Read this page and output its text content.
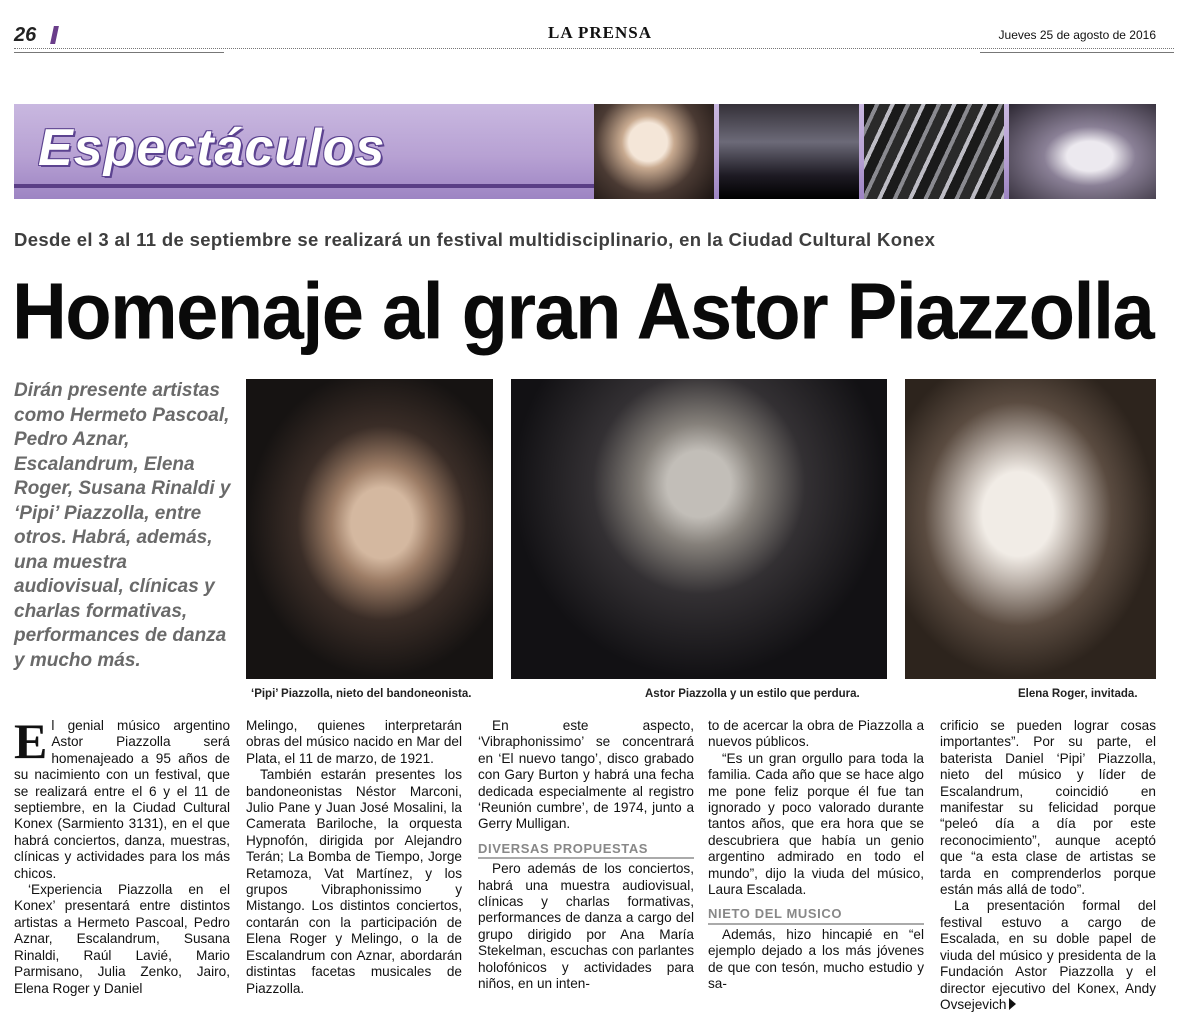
26	LA PRENSA	Jueves 25 de agosto de 2016
Espectáculos
Desde el 3 al 11 de septiembre se realizará un festival multidisciplinario, en la Ciudad Cultural Konex
Homenaje al gran Astor Piazzolla
Dirán presente artistas como Hermeto Pascoal, Pedro Aznar, Escalandrum, Elena Roger, Susana Rinaldi y ‘Pipi’ Piazzolla, entre otros. Habrá, además, una muestra audiovisual, clínicas y charlas formativas, performances de danza y mucho más.
‘Pipi’ Piazzolla, nieto del bandoneonista.	Astor Piazzolla y un estilo que perdura.	Elena Roger, invitada.

El genial músico argentino Astor Piazzolla será homenajeado a 95 años de su nacimiento con un festival, que se realizará entre el 6 y el 11 de septiembre, en la Ciudad Cultural Konex (Sarmiento 3131), en el que habrá conciertos, danza, muestras, clínicas y actividades para los más chicos.

‘Experiencia Piazzolla en el Konex’ presentará entre distintos artistas a Hermeto Pascoal, Pedro Aznar, Escalandrum, Susana Rinaldi, Raúl Lavié, Mario Parmisano, Julia Zenko, Jairo, Elena Roger y Daniel

Melingo, quienes interpretarán obras del músico nacido en Mar del Plata, el 11 de marzo, de 1921.

También estarán presentes los bandoneonistas Néstor Marconi, Julio Pane y Juan José Mosalini, la Camerata Bariloche, la orquesta Hypnofón, dirigida por Alejandro Terán; La Bomba de Tiempo, Jorge Retamoza, Vat Martínez, y los grupos Vibraphonissimo y Mistango. Los distintos conciertos, contarán con la participación de Elena Roger y Melingo, o la de Escalandrum con Aznar, abordarán distintas facetas musicales de Piazzolla.

En este aspecto, ‘Vibraphonissimo’ se concentrará en ‘El nuevo tango’, disco grabado con Gary Burton y habrá una fecha dedicada especialmente al registro ‘Reunión cumbre’, de 1974, junto a Gerry Mulligan.

DIVERSAS PROPUESTAS

Pero además de los conciertos, habrá una muestra audiovisual, clínicas y charlas formativas, performances de danza a cargo del grupo dirigido por Ana María Stekelman, escuchas con parlantes holofónicos y actividades para niños, en un inten-

to de acercar la obra de Piazzolla a nuevos públicos.

“Es un gran orgullo para toda la familia. Cada año que se hace algo me pone feliz porque él fue tan ignorado y poco valorado durante tantos años, que era hora que se descubriera que había un genio argentino admirado en todo el mundo”, dijo la viuda del músico, Laura Escalada.

NIETO DEL MUSICO

Además, hizo hincapié en “el ejemplo dejado a los más jóvenes de que con tesón, mucho estudio y sa-

crificio se pueden lograr cosas importantes”. Por su parte, el baterista Daniel ‘Pipi’ Piazzolla, nieto del músico y líder de Escalandrum, coincidió en manifestar su felicidad porque “peleó día a día por este reconocimiento”, aunque aceptó que “a esta clase de artistas se tarda en comprenderlos porque están más allá de todo”.

La presentación formal del festival estuvo a cargo de Escalada, en su doble papel de viuda del músico y presidenta de la Fundación Astor Piazzolla y el director ejecutivo del Konex, Andy Ovsejevich
